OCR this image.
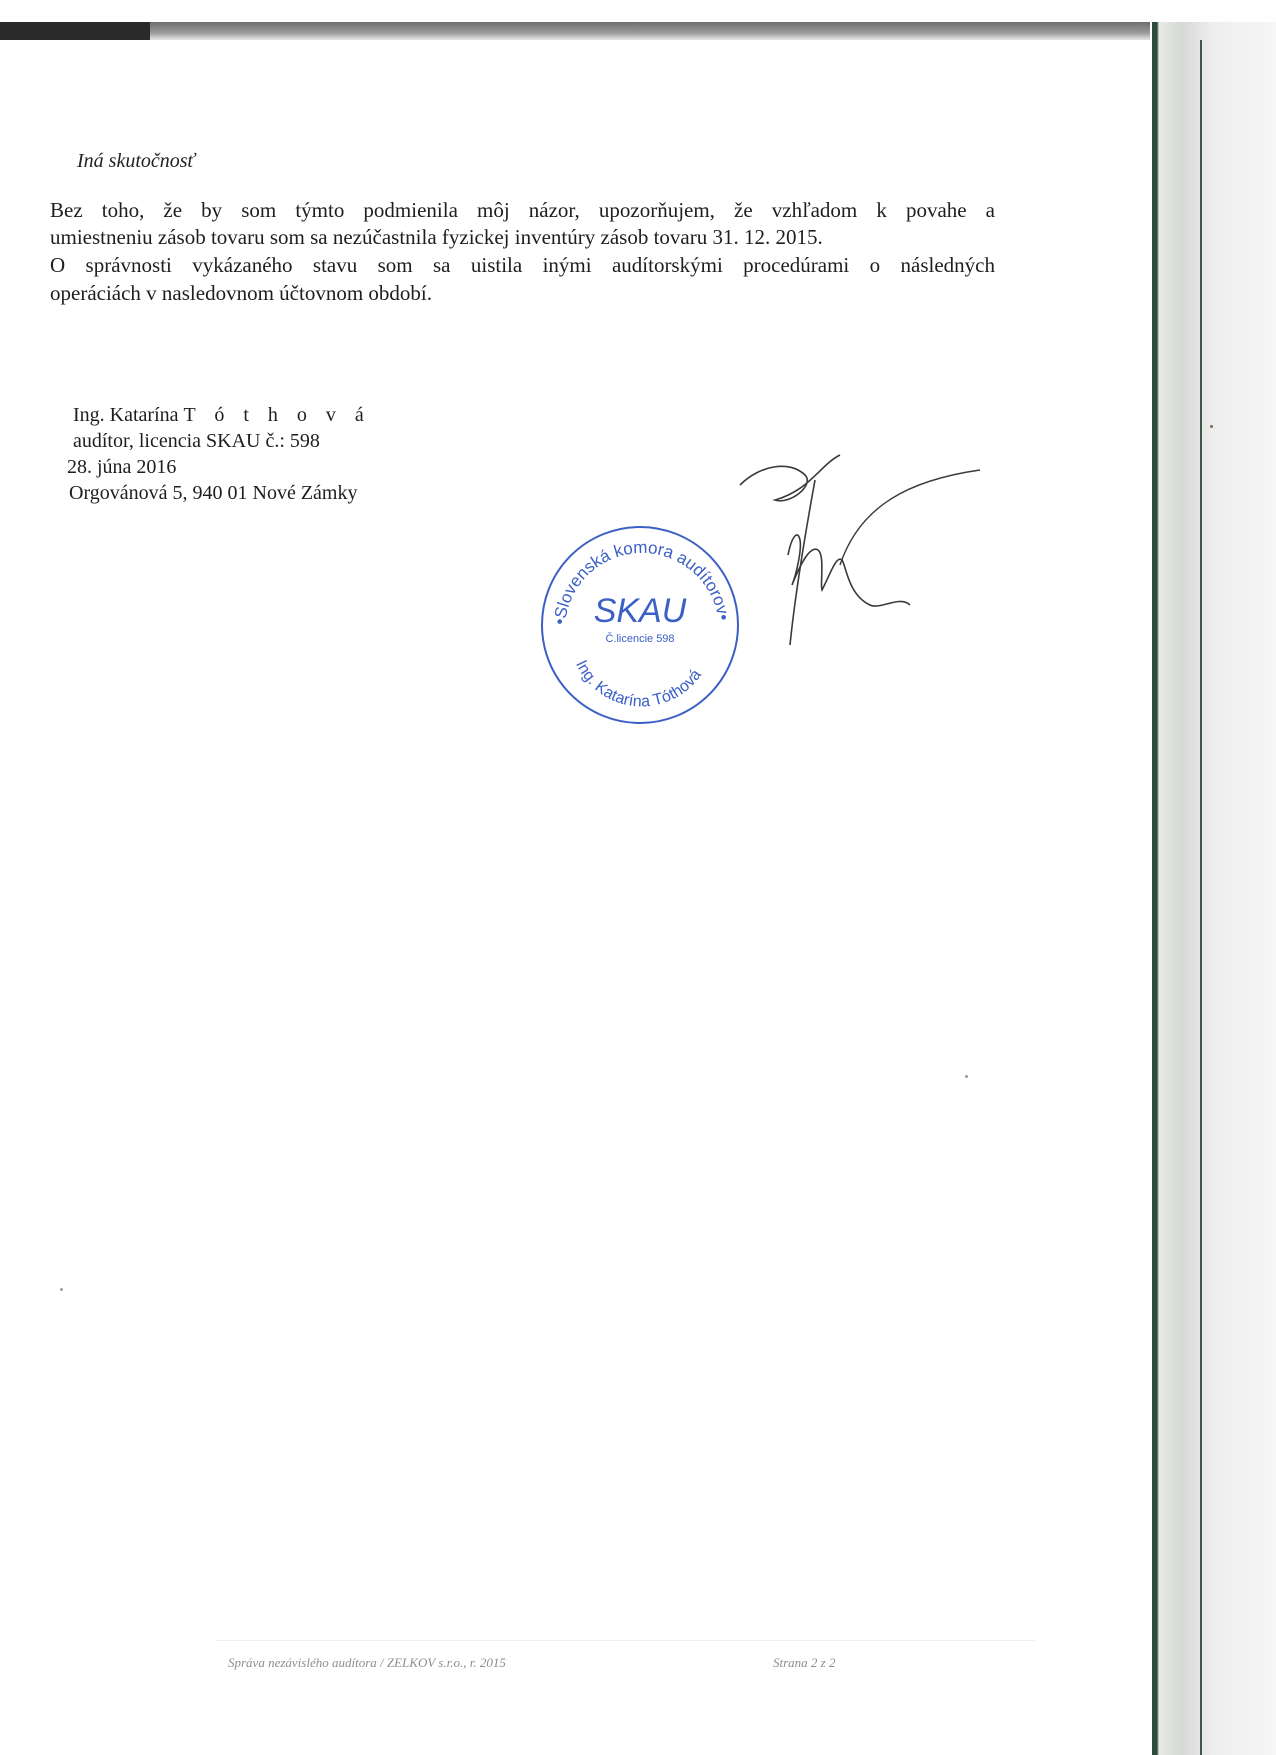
Iná skutočnosť

Bez toho, že by som týmto podmienila môj názor, upozorňujem, že vzhľadom k povahe a

umiestneniu zásob tovaru som sa nezúčastnila fyzickej inventúry zásob tovaru 31. 12. 2015.

O správnosti vykázaného stavu som sa uistila inými audítorskými procedúrami o následných

operáciách v nasledovnom účtovnom období.

Ing. Katarína T ó t h o v á
audítor, licencia SKAU č.: 598
28. júna 2016
Orgovánová 5, 940 01 Nové Zámky
•Slovenská komora audítorov•
Ing. Katarína Tóthová
SKAU
Č.licencie 598
Správa nezávislého audítora / ZELKOV s.r.o., r. 2015	Strana 2 z 2
